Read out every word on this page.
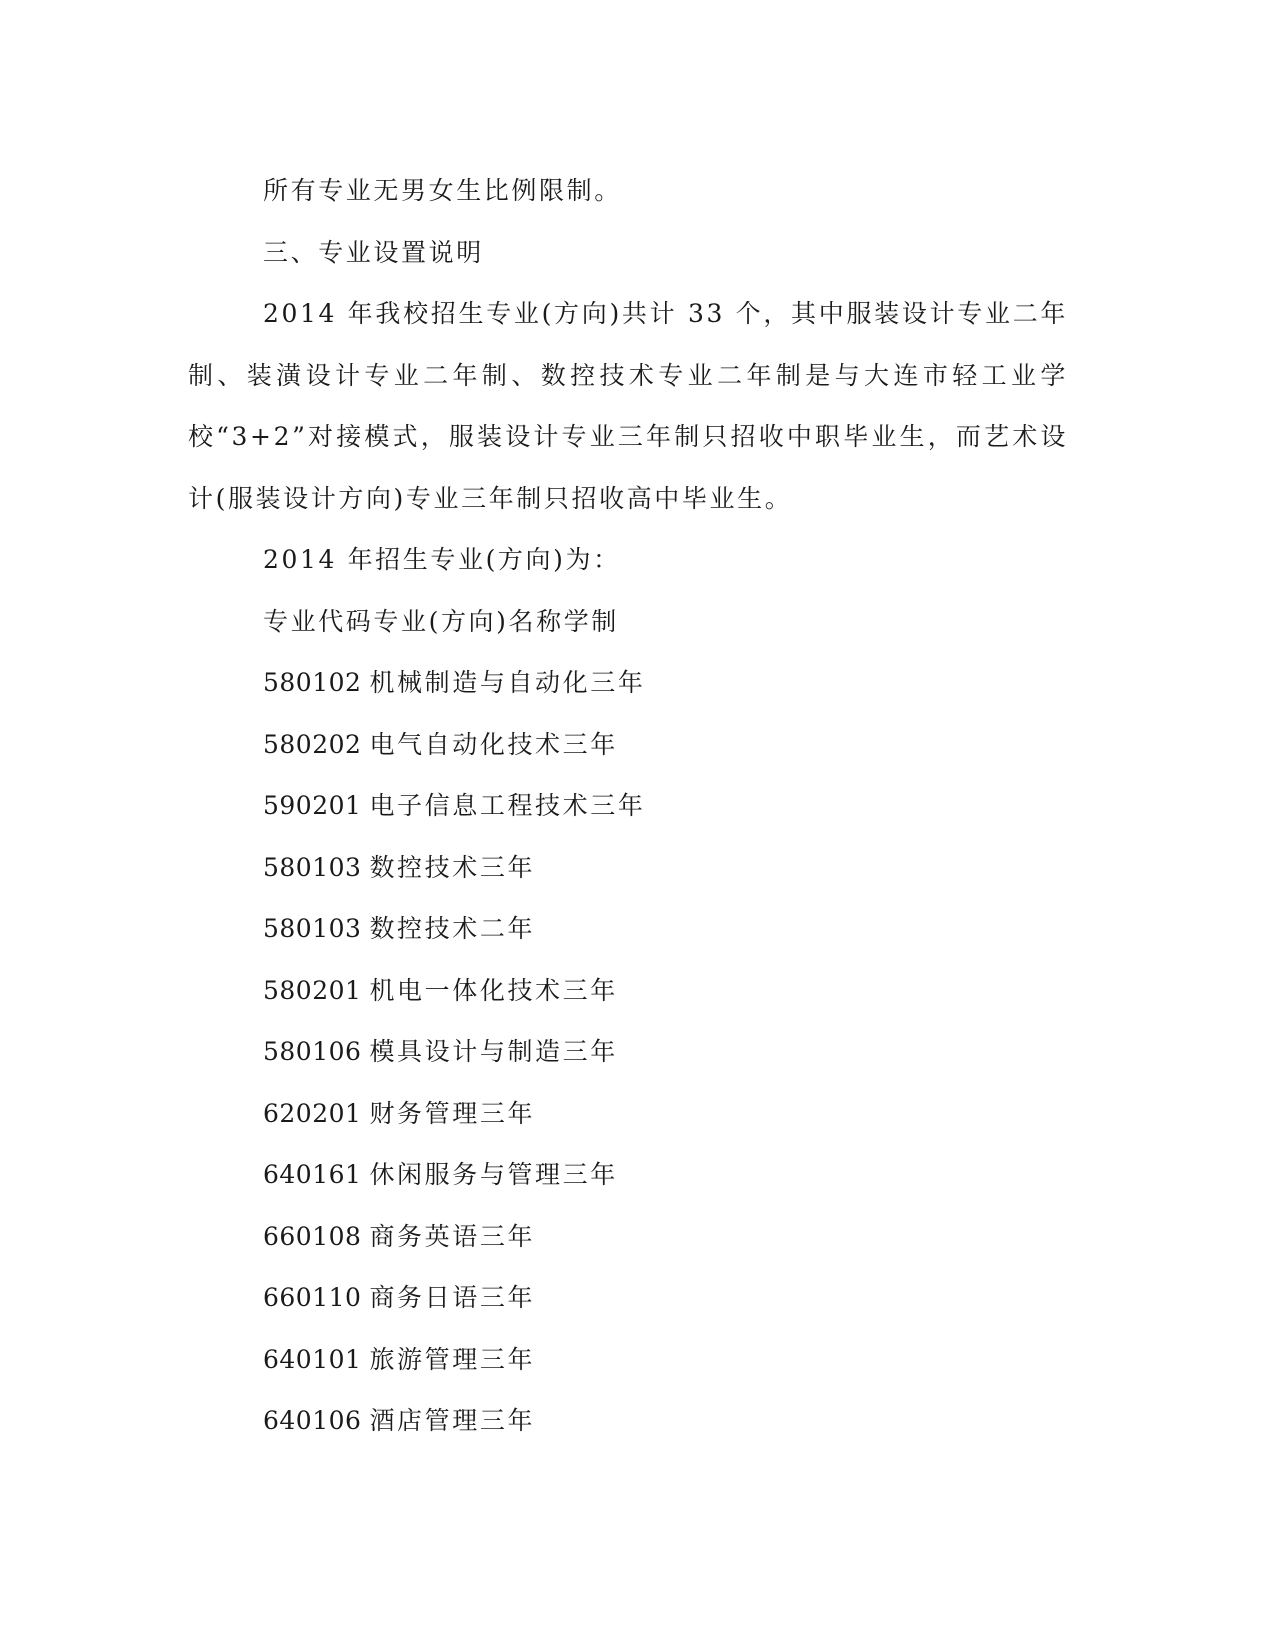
所有专业无男女生比例限制。
三、专业设置说明
2014 年我校招生专业(方向)共计 33 个，其中服装设计专业二年
制、装潢设计专业二年制、数控技术专业二年制是与大连市轻工业学
校“3+2”对接模式，服装设计专业三年制只招收中职毕业生，而艺术设
计(服装设计方向)专业三年制只招收高中毕业生。
2014 年招生专业(方向)为：
专业代码专业(方向)名称学制
580102 机械制造与自动化三年
580202 电气自动化技术三年
590201 电子信息工程技术三年
580103 数控技术三年
580103 数控技术二年
580201 机电一体化技术三年
580106 模具设计与制造三年
620201 财务管理三年
640161 休闲服务与管理三年
660108 商务英语三年
660110 商务日语三年
640101 旅游管理三年
640106 酒店管理三年
